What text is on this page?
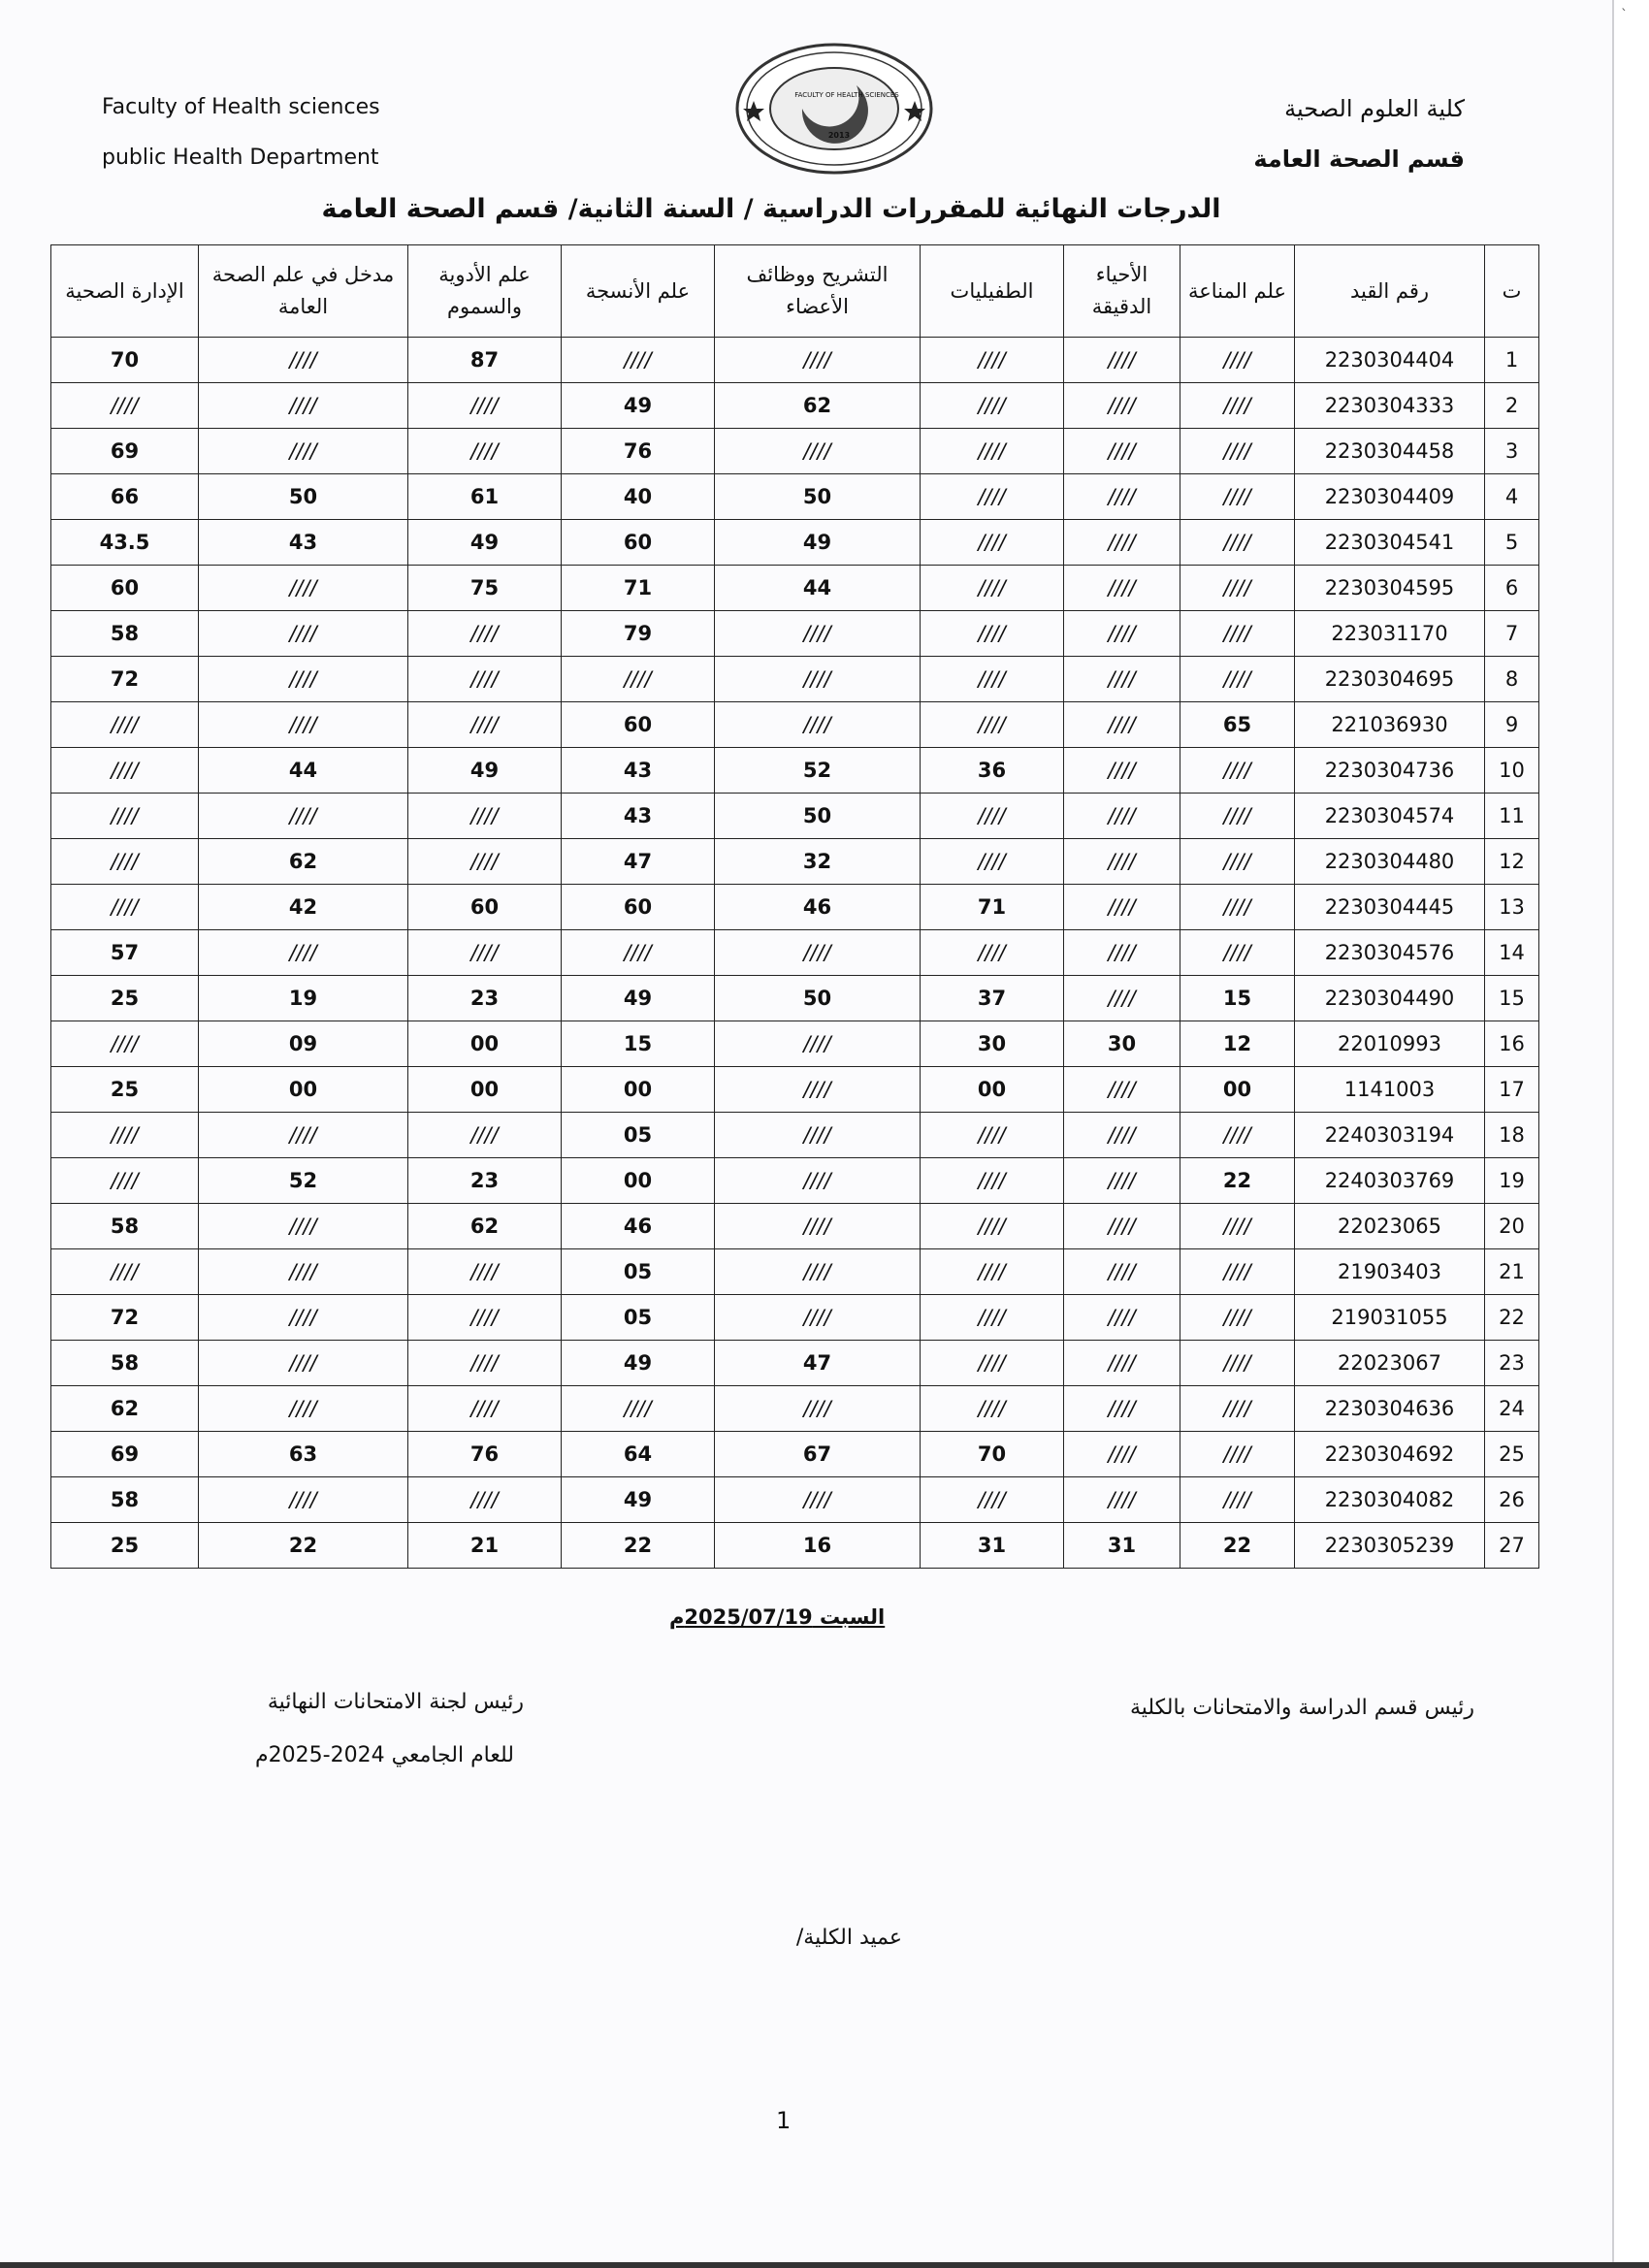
`
Faculty of Health sciences
public Health Department
كلية العلوم الصحية
قسم الصحة العامة
FACULTY OF HEALTH SCIENCES
2013
الدرجات النهائية للمقررات الدراسية / السنة الثانية/ قسم الصحة العامة
ت	رقم القيد	علم المناعة	الأحياء الدقيقة	الطفيليات	التشريح ووظائف الأعضاء	علم الأنسجة	علم الأدوية والسموم	مدخل في علم الصحة العامة	الإدارة الصحية
1	2230304404	////	////	////	////	////	87	////	70
2	2230304333	////	////	////	62	49	////	////	////
3	2230304458	////	////	////	////	76	////	////	69
4	2230304409	////	////	////	50	40	61	50	66
5	2230304541	////	////	////	49	60	49	43	43.5
6	2230304595	////	////	////	44	71	75	////	60
7	223031170	////	////	////	////	79	////	////	58
8	2230304695	////	////	////	////	////	////	////	72
9	221036930	65	////	////	////	60	////	////	////
10	2230304736	////	////	36	52	43	49	44	////
11	2230304574	////	////	////	50	43	////	////	////
12	2230304480	////	////	////	32	47	////	62	////
13	2230304445	////	////	71	46	60	60	42	////
14	2230304576	////	////	////	////	////	////	////	57
15	2230304490	15	////	37	50	49	23	19	25
16	22010993	12	30	30	////	15	00	09	////
17	1141003	00	////	00	////	00	00	00	25
18	2240303194	////	////	////	////	05	////	////	////
19	2240303769	22	////	////	////	00	23	52	////
20	22023065	////	////	////	////	46	62	////	58
21	21903403	////	////	////	////	05	////	////	////
22	219031055	////	////	////	////	05	////	////	72
23	22023067	////	////	////	47	49	////	////	58
24	2230304636	////	////	////	////	////	////	////	62
25	2230304692	////	////	70	67	64	76	63	69
26	2230304082	////	////	////	////	49	////	////	58
27	2230305239	22	31	31	16	22	21	22	25
السبت 2025/07/19م
رئيس قسم الدراسة والامتحانات بالكلية
رئيس لجنة الامتحانات النهائية
للعام الجامعي 2024-2025م
عميد الكلية/
1
